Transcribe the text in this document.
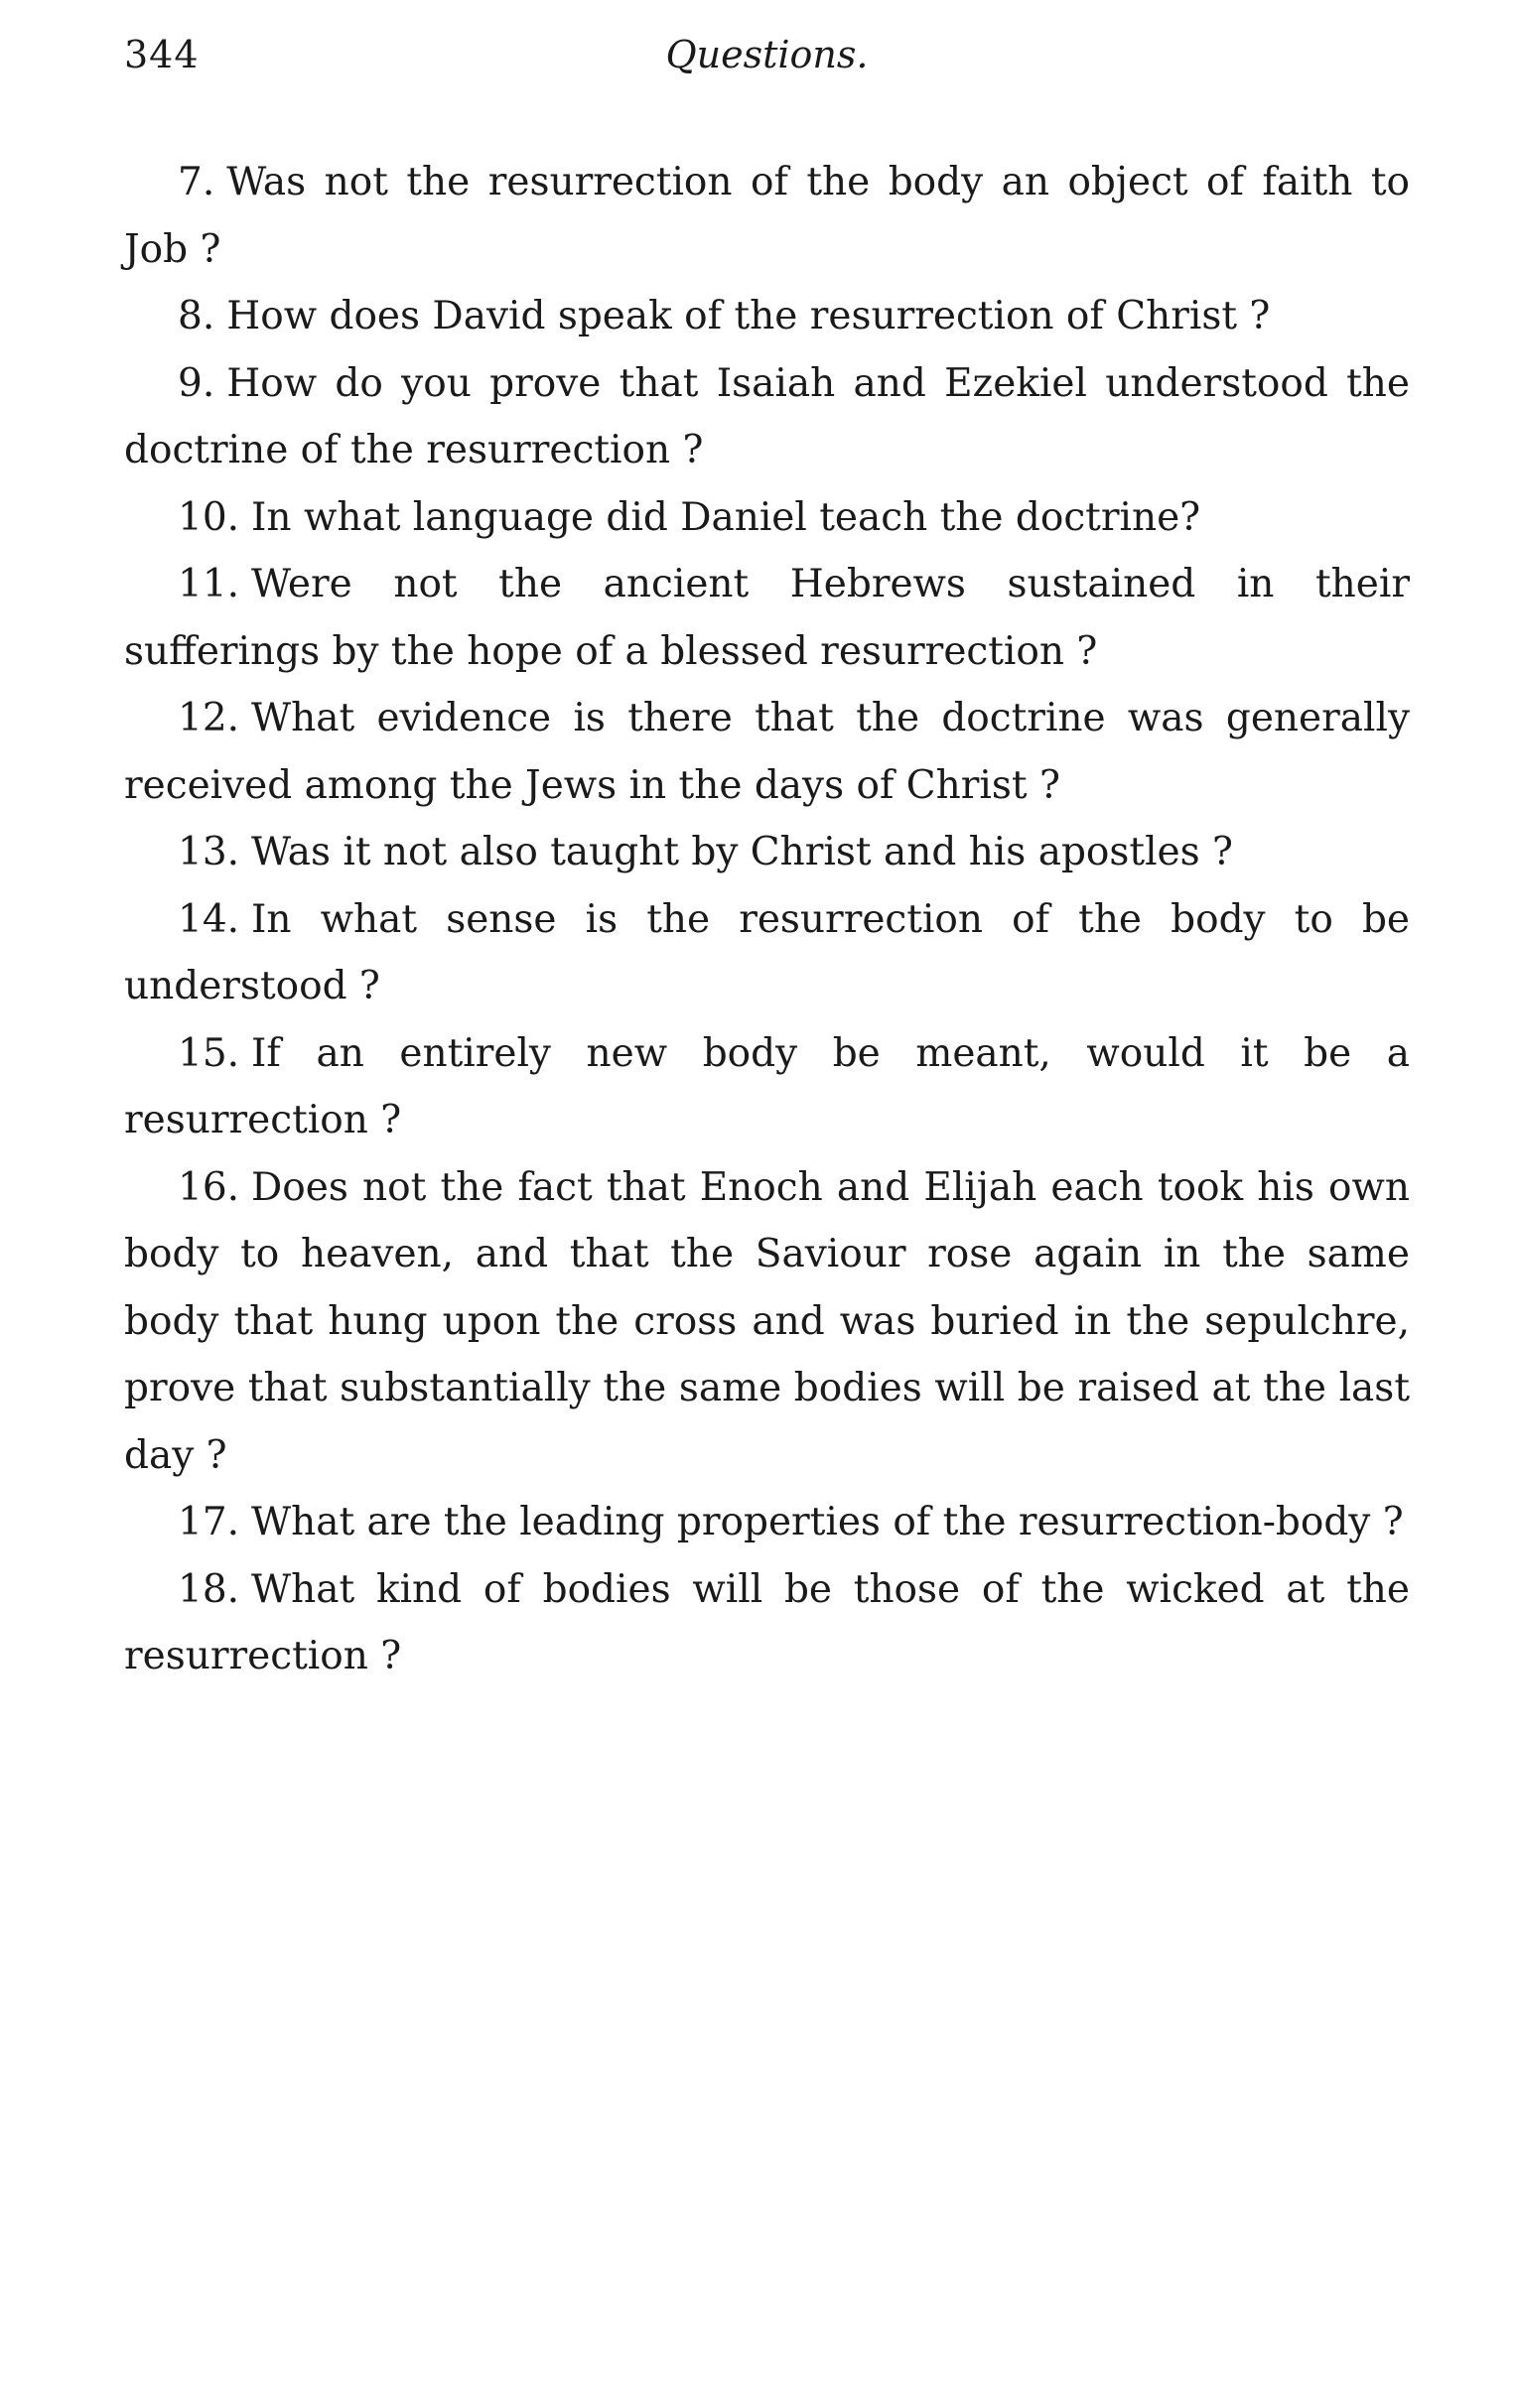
344	Questions.

7. Was not the resurrection of the body an object of faith to Job ?

8. How does David speak of the resurrection of Christ ?

9. How do you prove that Isaiah and Ezekiel understood the doctrine of the resurrection ?

10. In what language did Daniel teach the doctrine?

11. Were not the ancient Hebrews sustained in their sufferings by the hope of a blessed resurrection ?

12. What evidence is there that the doctrine was generally received among the Jews in the days of Christ ?

13. Was it not also taught by Christ and his apostles ?

14. In what sense is the resurrection of the body to be understood ?

15. If an entirely new body be meant, would it be a resurrection ?

16. Does not the fact that Enoch and Elijah each took his own body to heaven, and that the Saviour rose again in the same body that hung upon the cross and was buried in the sepulchre, prove that substantially the same bodies will be raised at the last day ?

17. What are the leading properties of the resurrection-body ?

18. What kind of bodies will be those of the wicked at the resurrection ?
